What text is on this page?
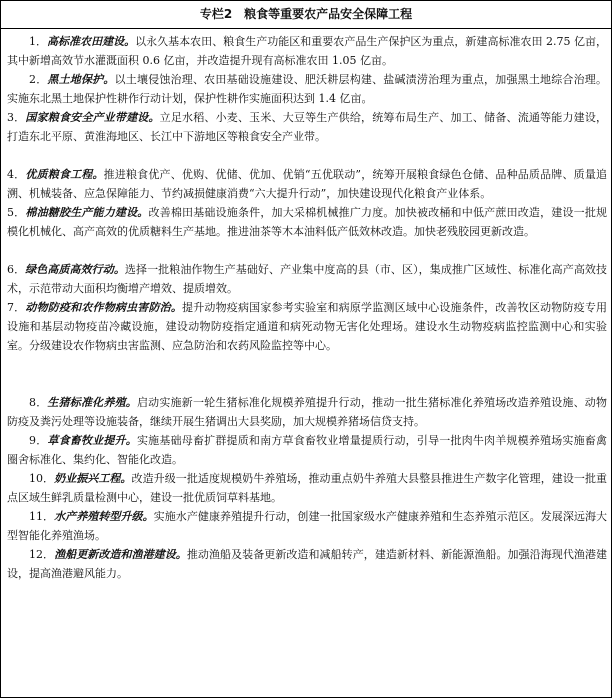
专栏2　粮食等重要农产品安全保障工程
1．高标准农田建设。以永久基本农田、粮食生产功能区和重要农产品生产保护区为重点，新建高标准农田 2.75 亿亩，其中新增高效节水灌溉面积 0.6 亿亩，并改造提升现有高标准农田 1.05 亿亩。
2．黑土地保护。以土壤侵蚀治理、农田基础设施建设、肥沃耕层构建、盐碱渍涝治理为重点，加强黑土地综合治理。实施东北黑土地保护性耕作行动计划，保护性耕作实施面积达到 1.4 亿亩。
3．国家粮食安全产业带建设。立足水稻、小麦、玉米、大豆等生产供给，统筹布局生产、加工、储备、流通等能力建设，打造东北平原、黄淮海地区、长江中下游地区等粮食安全产业带。
4．优质粮食工程。推进粮食优产、优购、优储、优加、优销“五优联动”，统筹开展粮食绿色仓储、品种品质品牌、质量追溯、机械装备、应急保障能力、节约减损健康消费“六大提升行动”，加快建设现代化粮食产业体系。
5．棉油糖胶生产能力建设。改善棉田基础设施条件，加大采棉机械推广力度。加快被改桶和中低产蔗田改造，建设一批规模化机械化、高产高效的优质糖料生产基地。推进油茶等木本油料低产低效林改造。加快老残胶园更新改造。
6．绿色高质高效行动。选择一批粮油作物生产基础好、产业集中度高的县（市、区），集成推广区域性、标准化高产高效技术，示范带动大面积均衡增产增效、提质增效。
7．动物防疫和农作物病虫害防治。提升动物疫病国家参考实验室和病原学监测区域中心设施条件，改善牧区动物防疫专用设施和基层动物疫苗冷藏设施，建设动物防疫指定通道和病死动物无害化处理场。建设水生动物疫病监控监测中心和实验室。分级建设农作物病虫害监测、应急防治和农药风险监控等中心。
8．生猪标准化养殖。启动实施新一轮生猪标准化规模养殖提升行动，推动一批生猪标准化养殖场改造养殖设施、动物防疫及粪污处理等设施装备，继续开展生猪调出大县奖励，加大规模养猪场信贷支持。
9．草食畜牧业提升。实施基础母畜扩群提质和南方草食畜牧业增量提质行动，引导一批肉牛肉羊规模养殖场实施畜禽圈舍标准化、集约化、智能化改造。
10．奶业振兴工程。改造升级一批适度规模奶牛养殖场，推动重点奶牛养殖大县整县推进生产数字化管理，建设一批重点区域生鲜乳质量检测中心，建设一批优质饲草料基地。
11．水产养殖转型升级。实施水产健康养殖提升行动，创建一批国家级水产健康养殖和生态养殖示范区。发展深远海大型智能化养殖渔场。
12．渔船更新改造和渔港建设。推动渔船及装备更新改造和减船转产，建造新材料、新能源渔船。加强沿海现代渔港建设，提高渔港避风能力。
